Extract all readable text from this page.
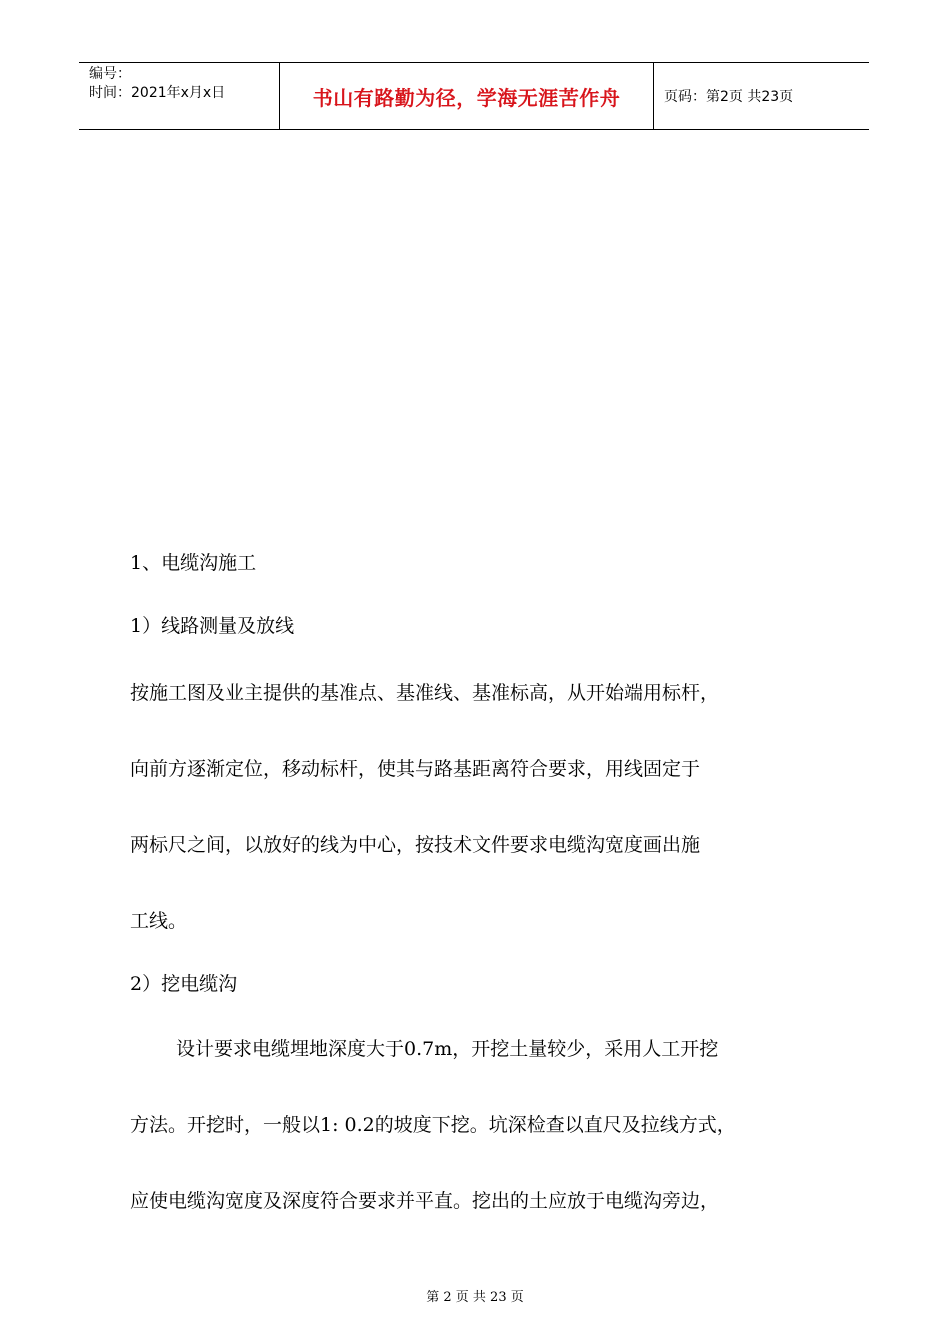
编号：
时间：2021年x月x日	书山有路勤为径，学海无涯苦作舟	页码：第2页 共23页

1、电缆沟施工

1）线路测量及放线

按施工图及业主提供的基准点、基准线、基准标高，从开始端用标杆，

向前方逐渐定位，移动标杆，使其与路基距离符合要求，用线固定于

两标尺之间，以放好的线为中心，按技术文件要求电缆沟宽度画出施

工线。

2）挖电缆沟

设计要求电缆埋地深度大于0.7m，开挖土量较少，采用人工开挖

方法。开挖时，一般以1: 0.2的坡度下挖。坑深检查以直尺及拉线方式，

应使电缆沟宽度及深度符合要求并平直。挖出的土应放于电缆沟旁边，

第 2 页 共 23 页
